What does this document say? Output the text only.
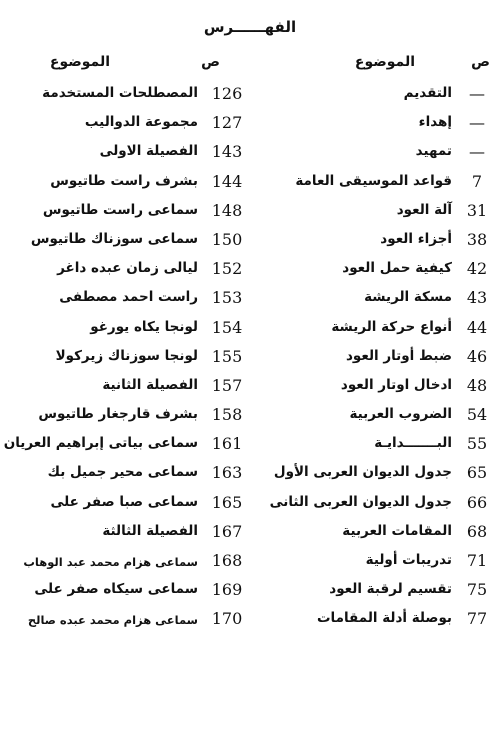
الفهــــــرس
ص
الموضوع
—
التقديم
—
إهداء
—
تمهيد
7
قواعد الموسيقى العامة
31
آلة العود
38
أجزاء العود
42
كيفية حمل العود
43
مسكة الريشة
44
أنواع حركة الريشة
46
ضبط أوتار العود
48
ادخال اوتار العود
54
الضروب العربية
55
البـــــــدايـة
65
جدول الديوان العربى الأول
66
جدول الديوان العربى الثانى
68
المقامات العربية
71
تدريبات أولية
75
تقسيم لرقبة العود
77
بوصلة أدلة المقامات
ص
الموضوع
126
المصطلحات المستخدمة
127
مجموعة الدواليب
143
الفصيلة الاولى
144
بشرف راست طاتيوس
148
سماعى راست طاتيوس
150
سماعى سوزناك طاتيوس
152
ليالى زمان عبده داغر
153
راست احمد مصطفى
154
لونجا يكاه يورغو
155
لونجا سوزناك زيركولا
157
الفصيلة الثانية
158
بشرف قارجغار طاتيوس
161
سماعى بياتى إبراهيم العريان
163
سماعى محير جميل بك
165
سماعى صبا صفر على
167
الفصيلة الثالثة
168
سماعى هزام محمد عبد الوهاب
169
سماعى سيكاه صفر على
170
سماعى هزام محمد عبده صالح
